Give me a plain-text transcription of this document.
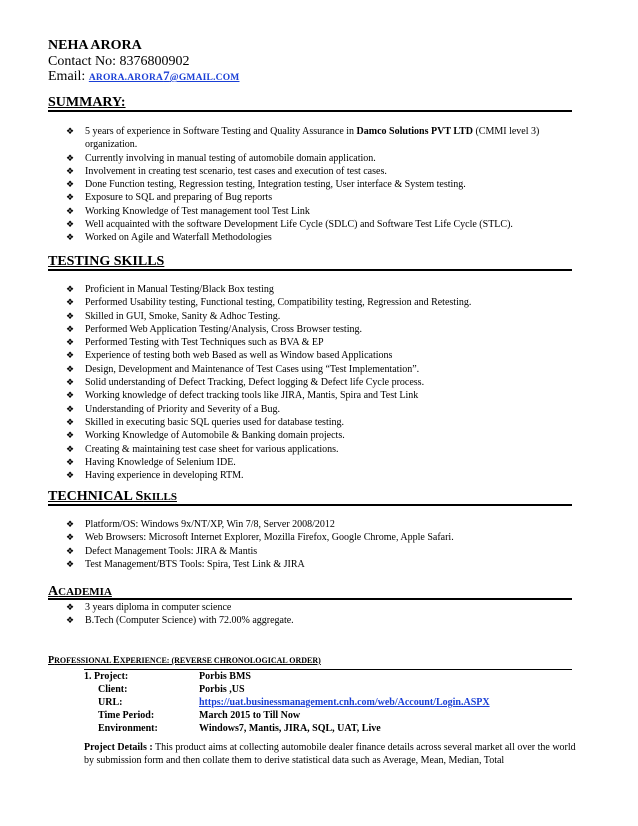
NEHA ARORA
Contact No: 8376800902
Email: ARORA.ARORA7@GMAIL.COM
SUMMARY:
❖ 5 years of experience in Software Testing and Quality Assurance in Damco Solutions PVT LTD (CMMI level 3) organization.
❖ Currently involving in manual testing of automobile domain application.
❖ Involvement in creating test scenario, test cases and execution of test cases.
❖ Done Function testing, Regression testing, Integration testing, User interface & System testing.
❖ Exposure to SQL and preparing of Bug reports
❖ Working Knowledge of Test management tool Test Link
❖ Well acquainted with the software Development Life Cycle (SDLC) and Software Test Life Cycle (STLC).
❖ Worked on Agile and Waterfall Methodologies
TESTING SKILLS
❖ Proficient in Manual Testing/Black Box testing
❖ Performed Usability testing, Functional testing, Compatibility testing, Regression and Retesting.
❖ Skilled in GUI, Smoke, Sanity & Adhoc Testing.
❖ Performed Web Application Testing/Analysis, Cross Browser testing.
❖ Performed Testing with Test Techniques such as BVA & EP
❖ Experience of testing both web Based as well as Window based Applications
❖ Design, Development and Maintenance of Test Cases using “Test Implementation”.
❖ Solid understanding of Defect Tracking, Defect logging & Defect life Cycle process.
❖ Working knowledge of defect tracking tools like JIRA, Mantis, Spira and Test Link
❖ Understanding of Priority and Severity of a Bug.
❖ Skilled in executing basic SQL queries used for database testing.
❖ Working Knowledge of Automobile & Banking domain projects.
❖ Creating & maintaining test case sheet for various applications.
❖ Having Knowledge of Selenium IDE.
❖ Having experience in developing RTM.
TECHNICAL SKILLS
❖ Platform/OS: Windows 9x/NT/XP, Win 7/8, Server 2008/2012
❖ Web Browsers: Microsoft Internet Explorer, Mozilla Firefox, Google Chrome, Apple Safari.
❖ Defect Management Tools: JIRA & Mantis
❖ Test Management/BTS Tools: Spira, Test Link & JIRA
ACADEMIA
❖ 3 years diploma in computer science
❖ B.Tech (Computer Science) with 72.00% aggregate.
PROFESSIONAL EXPERIENCE: (REVERSE CHRONOLOGICAL ORDER)
1. Project:	Porbis BMS
Client:	Porbis ,US
URL:	https://uat.businessmanagement.cnh.com/web/Account/Login.ASPX
Time Period:	March 2015 to Till Now
Environment:	Windows7, Mantis, JIRA, SQL, UAT, Live
Project Details : This product aims at collecting automobile dealer finance details across several market all over the world by submission form and then collate them to derive statistical data such as Average, Mean, Median, Total
